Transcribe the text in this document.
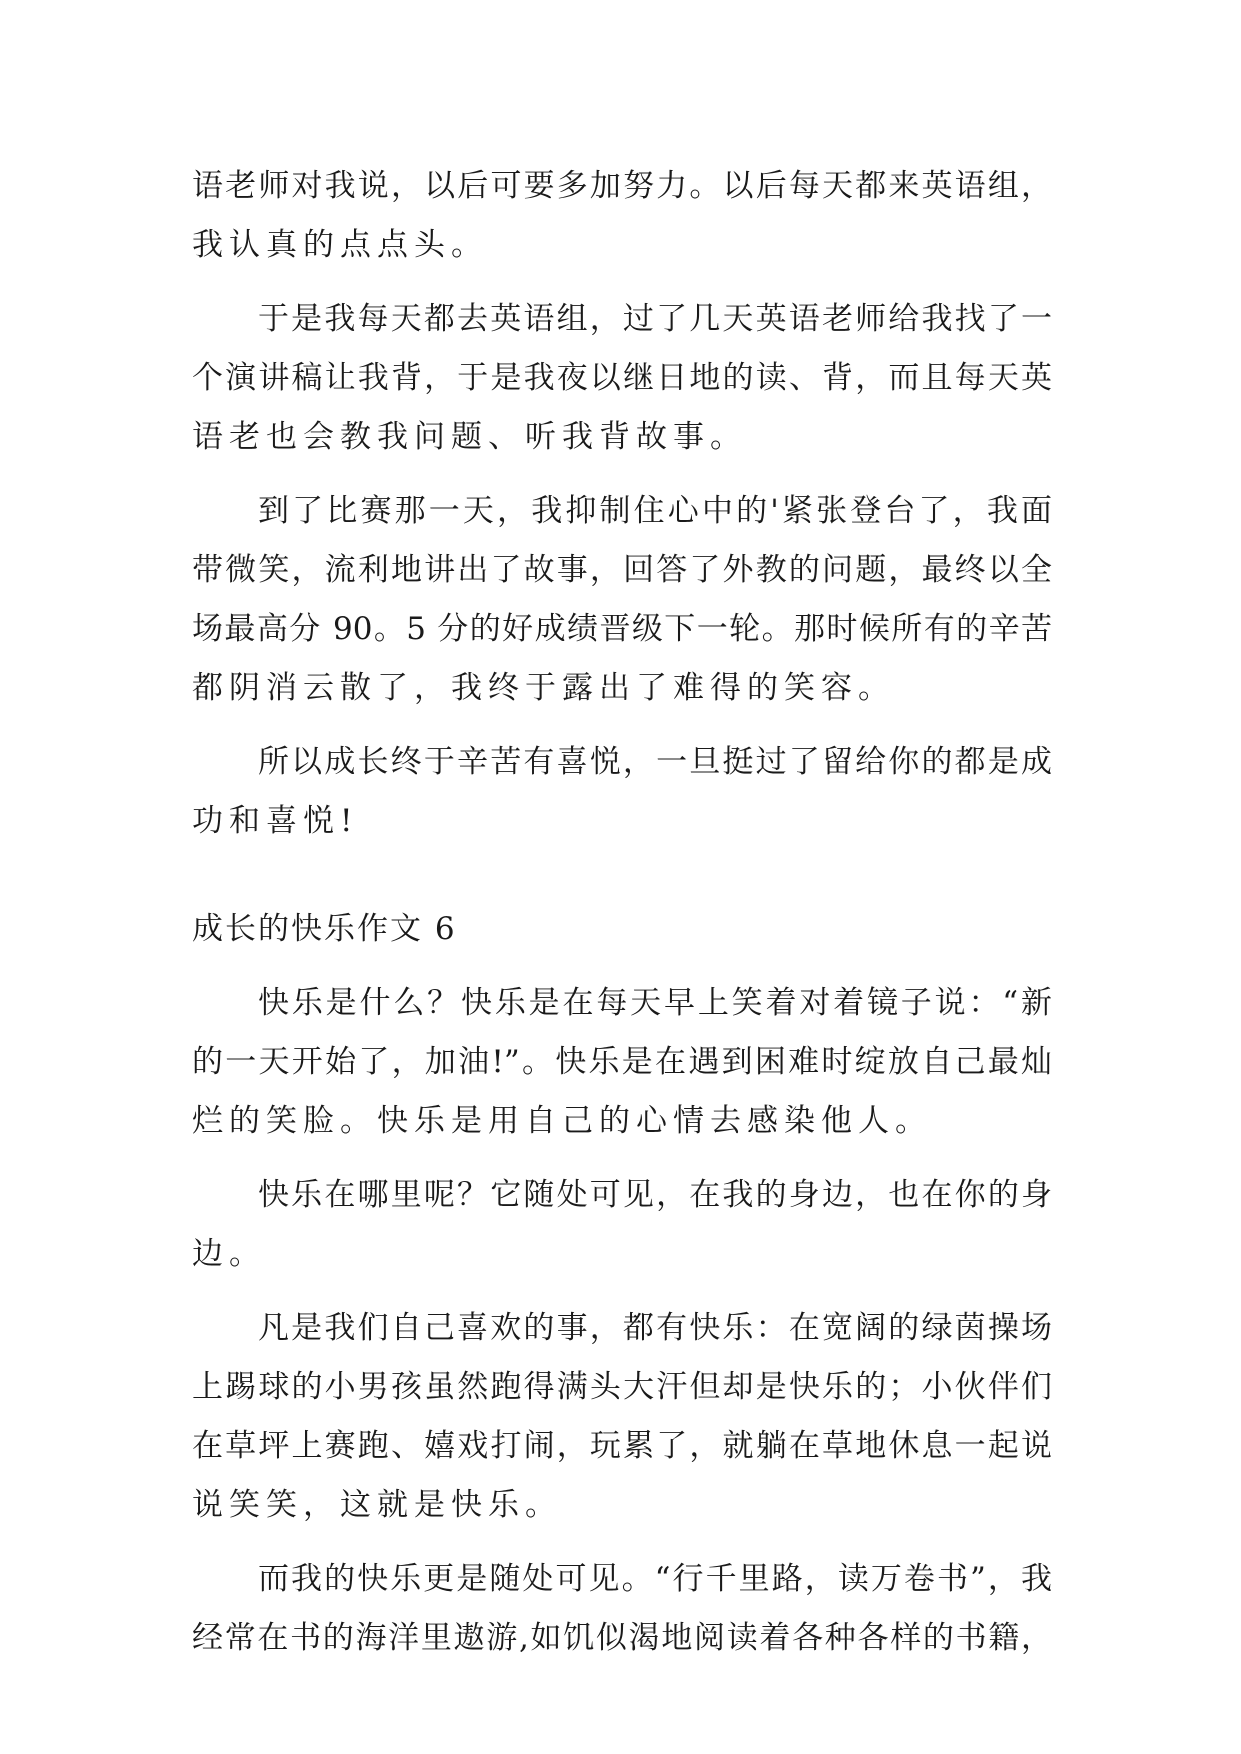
语老师对我说，以后可要多加努力。以后每天都来英语组，
我认真的点点头。
于是我每天都去英语组，过了几天英语老师给我找了一
个演讲稿让我背，于是我夜以继日地的读、背，而且每天英
语老也会教我问题、听我背故事。
到了比赛那一天，我抑制住心中的'紧张登台了，我面
带微笑，流利地讲出了故事，回答了外教的问题，最终以全
场最高分 90。5 分的好成绩晋级下一轮。那时候所有的辛苦
都阴消云散了，我终于露出了难得的笑容。
所以成长终于辛苦有喜悦，一旦挺过了留给你的都是成
功和喜悦!
成长的快乐作文 6
快乐是什么？快乐是在每天早上笑着对着镜子说：“新
的一天开始了，加油!”。快乐是在遇到困难时绽放自己最灿
烂的笑脸。快乐是用自己的心情去感染他人。
快乐在哪里呢？它随处可见，在我的身边，也在你的身
边。
凡是我们自己喜欢的事，都有快乐：在宽阔的绿茵操场
上踢球的小男孩虽然跑得满头大汗但却是快乐的；小伙伴们
在草坪上赛跑、嬉戏打闹，玩累了，就躺在草地休息一起说
说笑笑，这就是快乐。
而我的快乐更是随处可见。“行千里路，读万卷书”，我
经常在书的海洋里遨游,如饥似渴地阅读着各种各样的书籍，
